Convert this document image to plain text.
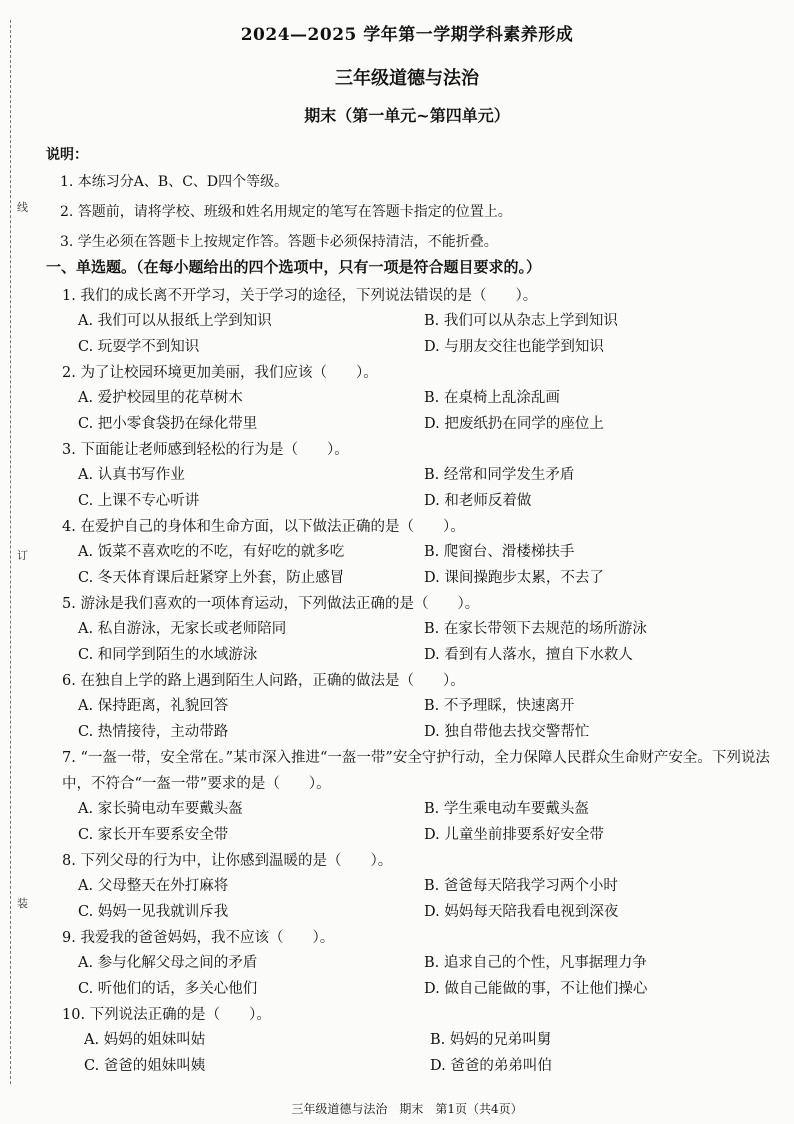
线
订
装
2024—2025 学年第一学期学科素养形成
三年级道德与法治
期末（第一单元~第四单元）
说明：
1. 本练习分A、B、C、D四个等级。
2. 答题前，请将学校、班级和姓名用规定的笔写在答题卡指定的位置上。
3. 学生必须在答题卡上按规定作答。答题卡必须保持清洁，不能折叠。
一、单选题。（在每小题给出的四个选项中，只有一项是符合题目要求的。）
1. 我们的成长离不开学习，关于学习的途径，下列说法错误的是（　　）。
A. 我们可以从报纸上学到知识	B. 我们可以从杂志上学到知识
C. 玩耍学不到知识	D. 与朋友交往也能学到知识
2. 为了让校园环境更加美丽，我们应该（　　）。
A. 爱护校园里的花草树木	B. 在桌椅上乱涂乱画
C. 把小零食袋扔在绿化带里	D. 把废纸扔在同学的座位上
3. 下面能让老师感到轻松的行为是（　　）。
A. 认真书写作业	B. 经常和同学发生矛盾
C. 上课不专心听讲	D. 和老师反着做
4. 在爱护自己的身体和生命方面，以下做法正确的是（　　）。
A. 饭菜不喜欢吃的不吃，有好吃的就多吃	B. 爬窗台、滑楼梯扶手
C. 冬天体育课后赶紧穿上外套，防止感冒	D. 课间操跑步太累，不去了
5. 游泳是我们喜欢的一项体育运动，下列做法正确的是（　　）。
A. 私自游泳，无家长或老师陪同	B. 在家长带领下去规范的场所游泳
C. 和同学到陌生的水域游泳	D. 看到有人落水，擅自下水救人
6. 在独自上学的路上遇到陌生人问路，正确的做法是（　　）。
A. 保持距离，礼貌回答	B. 不予理睬，快速离开
C. 热情接待，主动带路	D. 独自带他去找交警帮忙
7. “一盔一带，安全常在。”某市深入推进“一盔一带”安全守护行动，全力保障人民群众生命财产安全。下列说法中，不符合“一盔一带”要求的是（　　）。
A. 家长骑电动车要戴头盔	B. 学生乘电动车要戴头盔
C. 家长开车要系安全带	D. 儿童坐前排要系好安全带
8. 下列父母的行为中，让你感到温暖的是（　　）。
A. 父母整天在外打麻将	B. 爸爸每天陪我学习两个小时
C. 妈妈一见我就训斥我	D. 妈妈每天陪我看电视到深夜
9. 我爱我的爸爸妈妈，我不应该（　　）。
A. 参与化解父母之间的矛盾	B. 追求自己的个性，凡事据理力争
C. 听他们的话，多关心他们	D. 做自己能做的事，不让他们操心
10. 下列说法正确的是（　　）。
A. 妈妈的姐妹叫姑	B. 妈妈的兄弟叫舅
C. 爸爸的姐妹叫姨	D. 爸爸的弟弟叫伯
三年级道德与法治　期末　第1页（共4页）
